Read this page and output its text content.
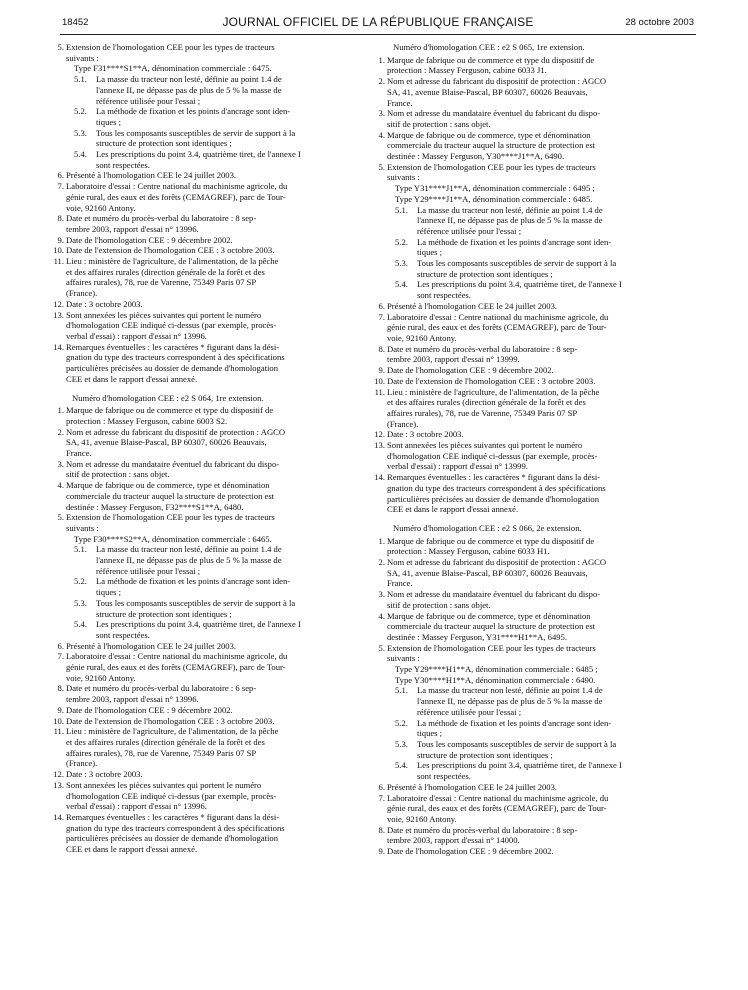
18452	JOURNAL OFFICIEL DE LA RÉPUBLIQUE FRANÇAISE	28 octobre 2003
5. Extension de l'homologation CEE pour les types de tracteurs
suivants :
Type F31****S1**A, dénomination commerciale : 6475.
5.1. La masse du tracteur non lesté, définie au point 1.4 de
l'annexe II, ne dépasse pas de plus de 5 % la masse de
référence utilisée pour l'essai ;
5.2. La méthode de fixation et les points d'ancrage sont iden-
tiques ;
5.3. Tous les composants susceptibles de servir de support à la
structure de protection sont identiques ;
5.4. Les prescriptions du point 3.4, quatrième tiret, de l'annexe I
sont respectées.
6. Présenté à l'homologation CEE le 24 juillet 2003.
7. Laboratoire d'essai : Centre national du machinisme agricole, du
génie rural, des eaux et des forêts (CEMAGREF), parc de Tour-
voie, 92160 Antony.
8. Date et numéro du procès-verbal du laboratoire : 8 sep-
tembre 2003, rapport d'essai n° 13996.
9. Date de l'homologation CEE : 9 décembre 2002.
10. Date de l'extension de l'homologation CEE : 3 octobre 2003.
11. Lieu : ministère de l'agriculture, de l'alimentation, de la pêche
et des affaires rurales (direction générale de la forêt et des
affaires rurales), 78, rue de Varenne, 75349 Paris 07 SP
(France).
12. Date : 3 octobre 2003.
13. Sont annexées les pièces suivantes qui portent le numéro
d'homologation CEE indiqué ci-dessus (par exemple, procès-
verbal d'essai) : rapport d'essai n° 13996.
14. Remarques éventuelles : les caractères * figurant dans la dési-
gnation du type des tracteurs correspondent à des spécifications
particulières précisées au dossier de demande d'homologation
CEE et dans le rapport d'essai annexé.
Numéro d'homologation CEE : e2 S 064, 1re extension.
1. Marque de fabrique ou de commerce et type du dispositif de
protection : Massey Ferguson, cabine 6003 S2.
2. Nom et adresse du fabricant du dispositif de protection : AGCO
SA, 41, avenue Blaise-Pascal, BP 60307, 60026 Beauvais,
France.
3. Nom et adresse du mandataire éventuel du fabricant du dispo-
sitif de protection : sans objet.
4. Marque de fabrique ou de commerce, type et dénomination
commerciale du tracteur auquel la structure de protection est
destinée : Massey Ferguson, F32****S1**A, 6480.
5. Extension de l'homologation CEE pour les types de tracteurs
suivants :
Type F30****S2**A, dénomination commerciale : 6465.
5.1. La masse du tracteur non lesté, définie au point 1.4 de
l'annexe II, ne dépasse pas de plus de 5 % la masse de
référence utilisée pour l'essai ;
5.2. La méthode de fixation et les points d'ancrage sont iden-
tiques ;
5.3. Tous les composants susceptibles de servir de support à la
structure de protection sont identiques ;
5.4. Les prescriptions du point 3.4, quatrième tiret, de l'annexe I
sont respectées.
6. Présenté à l'homologation CEE le 24 juillet 2003.
7. Laboratoire d'essai : Centre national du machinisme agricole, du
génie rural, des eaux et des forêts (CEMAGREF), parc de Tour-
voie, 92160 Antony.
8. Date et numéro du procès-verbal du laboratoire : 6 sep-
tembre 2003, rapport d'essai n° 13996.
9. Date de l'homologation CEE : 9 décembre 2002.
10. Date de l'extension de l'homologation CEE : 3 octobre 2003.
11. Lieu : ministère de l'agriculture, de l'alimentation, de la pêche
et des affaires rurales (direction générale de la forêt et des
affaires rurales), 78, rue de Varenne, 75349 Paris 07 SP
(France).
12. Date : 3 octobre 2003.
13. Sont annexées les pièces suivantes qui portent le numéro
d'homologation CEE indiqué ci-dessus (par exemple, procès-
verbal d'essai) : rapport d'essai n° 13996.
14. Remarques éventuelles : les caractères * figurant dans la dési-
gnation du type des tracteurs correspondent à des spécifications
particulières précisées au dossier de demande d'homologation
CEE et dans le rapport d'essai annexé.
Numéro d'homologation CEE : e2 S 065, 1re extension.
1. Marque de fabrique ou de commerce et type du dispositif de
protection : Massey Ferguson, cabine 6033 J1.
2. Nom et adresse du fabricant du dispositif de protection : AGCO
SA, 41, avenue Blaise-Pascal, BP 60307, 60026 Beauvais,
France.
3. Nom et adresse du mandataire éventuel du fabricant du dispo-
sitif de protection : sans objet.
4. Marque de fabrique ou de commerce, type et dénomination
commerciale du tracteur auquel la structure de protection est
destinée : Massey Ferguson, Y30****J1**A, 6490.
5. Extension de l'homologation CEE pour les types de tracteurs
suivants :
Type Y31****J1**A, dénomination commerciale : 6495 ;
Type Y29****J1**A, dénomination commerciale : 6485.
5.1. La masse du tracteur non lesté, définie au point 1.4 de
l'annexe II, ne dépasse pas de plus de 5 % la masse de
référence utilisée pour l'essai ;
5.2. La méthode de fixation et les points d'ancrage sont iden-
tiques ;
5.3. Tous les composants susceptibles de servir de support à la
structure de protection sont identiques ;
5.4. Les prescriptions du point 3.4, quatrième tiret, de l'annexe I
sont respectées.
6. Présenté à l'homologation CEE le 24 juillet 2003.
7. Laboratoire d'essai : Centre national du machinisme agricole, du
génie rural, des eaux et des forêts (CEMAGREF), parc de Tour-
voie, 92160 Antony.
8. Date et numéro du procès-verbal du laboratoire : 8 sep-
tembre 2003, rapport d'essai n° 13999.
9. Date de l'homologation CEE : 9 décembre 2002.
10. Date de l'extension de l'homologation CEE : 3 octobre 2003.
11. Lieu : ministère de l'agriculture, de l'alimentation, de la pêche
et des affaires rurales (direction générale de la forêt et des
affaires rurales), 78, rue de Varenne, 75349 Paris 07 SP
(France).
12. Date : 3 octobre 2003.
13. Sont annexées les pièces suivantes qui portent le numéro
d'homologation CEE indiqué ci-dessus (par exemple, procès-
verbal d'essai) : rapport d'essai n° 13999.
14. Remarques éventuelles : les caractères * figurant dans la dési-
gnation du type des tracteurs correspondent à des spécifications
particulières précisées au dossier de demande d'homologation
CEE et dans le rapport d'essai annexé.
Numéro d'homologation CEE : e2 S 066, 2e extension.
1. Marque de fabrique ou de commerce et type du dispositif de
protection : Massey Ferguson, cabine 6033 H1.
2. Nom et adresse du fabricant du dispositif de protection : AGCO
SA, 41, avenue Blaise-Pascal, BP 60307, 60026 Beauvais,
France.
3. Nom et adresse du mandataire éventuel du fabricant du dispo-
sitif de protection : sans objet.
4. Marque de fabrique ou de commerce, type et dénomination
commerciale du tracteur auquel la structure de protection est
destinée : Massey Ferguson, Y31****H1**A, 6495.
5. Extension de l'homologation CEE pour les types de tracteurs
suivants :
Type Y29****H1**A, dénomination commerciale : 6485 ;
Type Y30****H1**A, dénomination commerciale : 6490.
5.1. La masse du tracteur non lesté, définie au point 1.4 de
l'annexe II, ne dépasse pas de plus de 5 % la masse de
référence utilisée pour l'essai ;
5.2. La méthode de fixation et les points d'ancrage sont iden-
tiques ;
5.3. Tous les composants susceptibles de servir de support à la
structure de protection sont identiques ;
5.4. Les prescriptions du point 3.4, quatrième tiret, de l'annexe I
sont respectées.
6. Présenté à l'homologation CEE le 24 juillet 2003.
7. Laboratoire d'essai : Centre national du machinisme agricole, du
génie rural, des eaux et des forêts (CEMAGREF), parc de Tour-
voie, 92160 Antony.
8. Date et numéro du procès-verbal du laboratoire : 8 sep-
tembre 2003, rapport d'essai n° 14000.
9. Date de l'homologation CEE : 9 décembre 2002.
